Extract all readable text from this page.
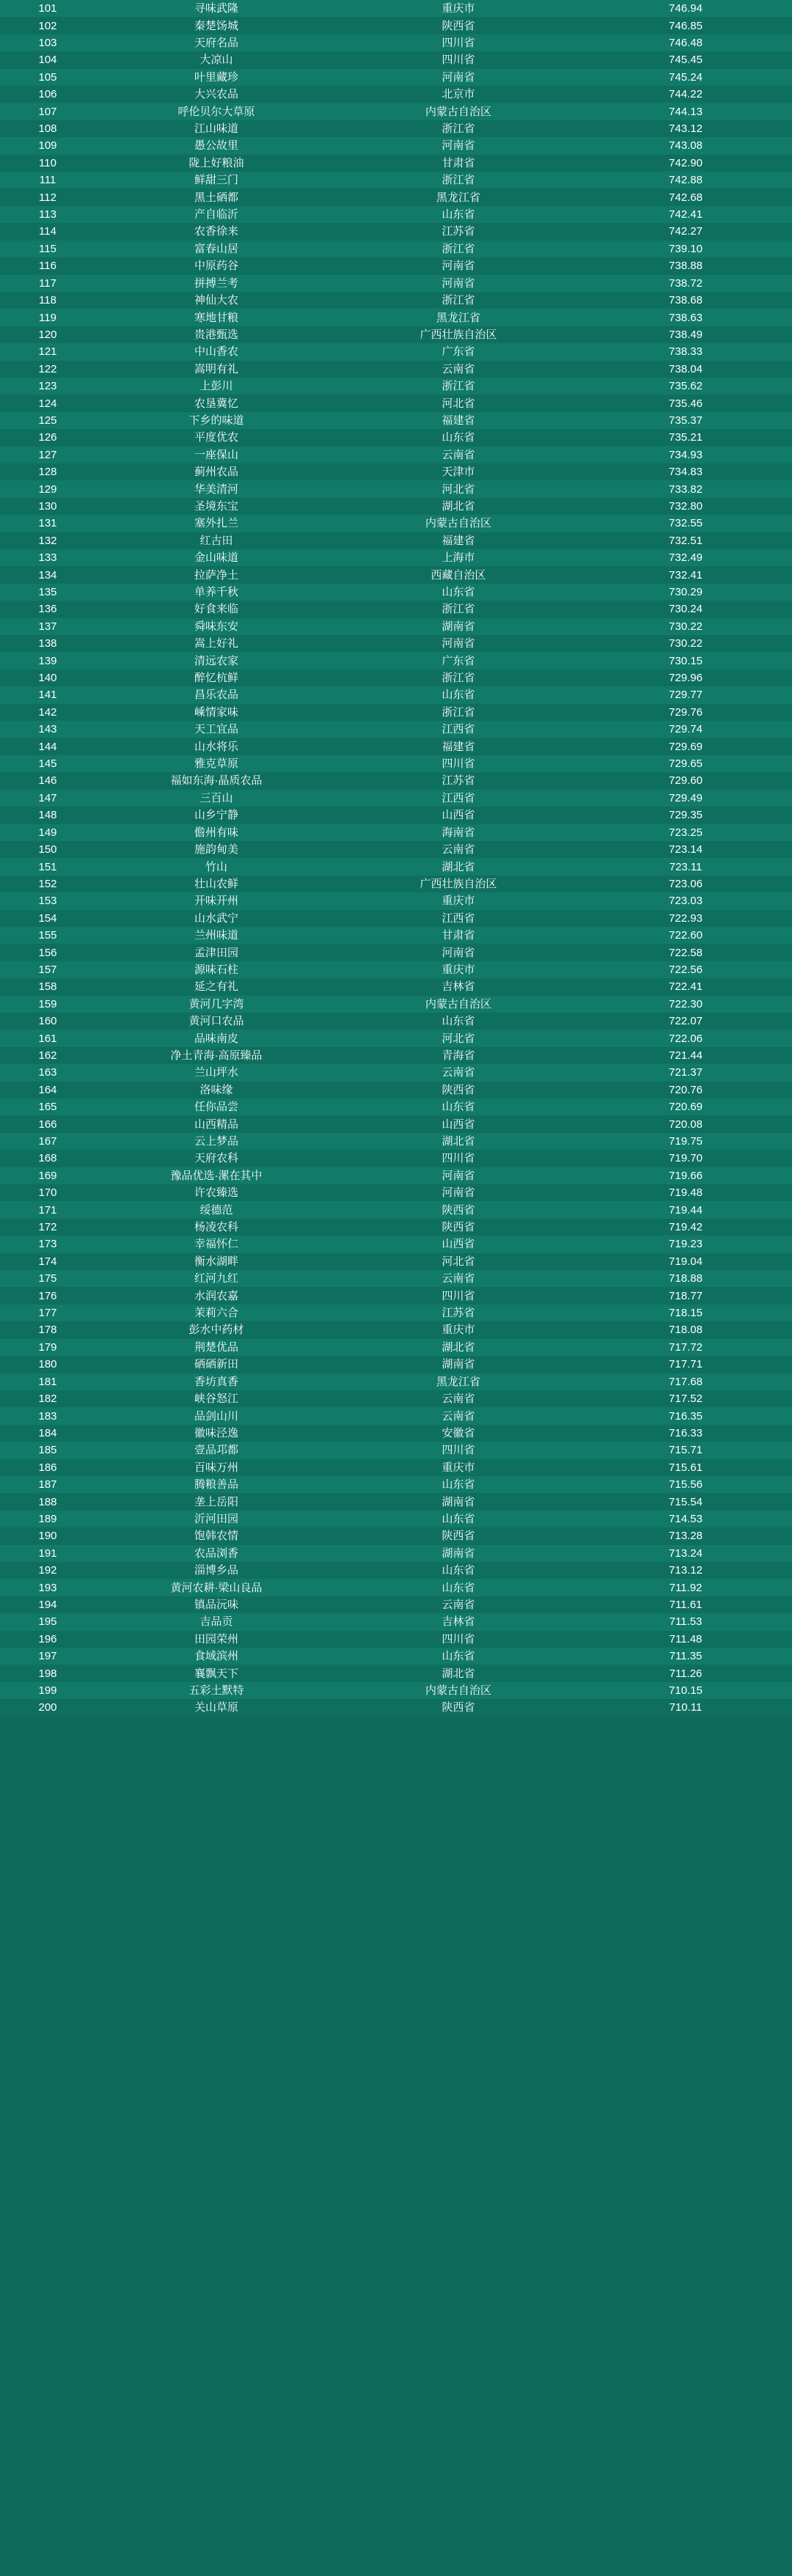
101	寻味武隆	重庆市	746.94
102	秦楚饧城	陕西省	746.85
103	天府名品	四川省	746.48
104	大凉山	四川省	745.45
105	叶里藏珍	河南省	745.24
106	大兴农品	北京市	744.22
107	呼伦贝尔大草原	内蒙古自治区	744.13
108	江山味道	浙江省	743.12
109	愚公故里	河南省	743.08
110	陇上好粮油	甘肃省	742.90
111	鲜甜三门	浙江省	742.88
112	黑土硒都	黑龙江省	742.68
113	产自临沂	山东省	742.41
114	农香徐来	江苏省	742.27
115	富春山居	浙江省	739.10
116	中原药谷	河南省	738.88
117	拼搏兰考	河南省	738.72
118	神仙大农	浙江省	738.68
119	寒地甘粮	黑龙江省	738.63
120	贵港甄选	广西壮族自治区	738.49
121	中山香农	广东省	738.33
122	嵩明有礼	云南省	738.04
123	上彭川	浙江省	735.62
124	农垦冀忆	河北省	735.46
125	下乡的味道	福建省	735.37
126	平度优农	山东省	735.21
127	一座保山	云南省	734.93
128	蓟州农品	天津市	734.83
129	华美清河	河北省	733.82
130	圣境东宝	湖北省	732.80
131	塞外扎兰	内蒙古自治区	732.55
132	红古田	福建省	732.51
133	金山味道	上海市	732.49
134	拉萨净土	西藏自治区	732.41
135	单养千秋	山东省	730.29
136	好食来临	浙江省	730.24
137	舜味东安	湖南省	730.22
138	嵩上好礼	河南省	730.22
139	清远农家	广东省	730.15
140	醉忆杭鲜	浙江省	729.96
141	昌乐农品	山东省	729.77
142	嵊情家味	浙江省	729.76
143	天工宜品	江西省	729.74
144	山水将乐	福建省	729.69
145	雅克草原	四川省	729.65
146	福如东海·晶质农品	江苏省	729.60
147	三百山	江西省	729.49
148	山乡宁静	山西省	729.35
149	儋州有味	海南省	723.25
150	施韵甸美	云南省	723.14
151	竹山	湖北省	723.11
152	壮山农鲜	广西壮族自治区	723.06
153	开味开州	重庆市	723.03
154	山水武宁	江西省	722.93
155	兰州味道	甘肃省	722.60
156	孟津田园	河南省	722.58
157	源味石柱	重庆市	722.56
158	延之有礼	吉林省	722.41
159	黄河几字湾	内蒙古自治区	722.30
160	黄河口农品	山东省	722.07
161	品味南皮	河北省	722.06
162	净土青海·高原臻品	青海省	721.44
163	兰山坪水	云南省	721.37
164	洛味缘	陕西省	720.76
165	任你品尝	山东省	720.69
166	山西精品	山西省	720.08
167	云上梦品	湖北省	719.75
168	天府农科	四川省	719.70
169	豫品优选·漯在其中	河南省	719.66
170	许农臻选	河南省	719.48
171	绥德范	陕西省	719.44
172	杨凌农科	陕西省	719.42
173	幸福怀仁	山西省	719.23
174	衡水湖畔	河北省	719.04
175	红河九红	云南省	718.88
176	水润农嘉	四川省	718.77
177	茉莉六合	江苏省	718.15
178	彭水中药材	重庆市	718.08
179	荆楚优品	湖北省	717.72
180	硒硒新田	湖南省	717.71
181	香坊真香	黑龙江省	717.68
182	峡谷怒江	云南省	717.52
183	品剑山川	云南省	716.35
184	徽味泾逸	安徽省	716.33
185	壹品邛都	四川省	715.71
186	百味万州	重庆市	715.61
187	腾粮善品	山东省	715.56
188	垄上岳阳	湖南省	715.54
189	沂河田园	山东省	714.53
190	饱韩农情	陕西省	713.28
191	农品浏香	湖南省	713.24
192	淄博乡品	山东省	713.12
193	黄河农耕·梁山良品	山东省	711.92
194	镇品沅味	云南省	711.61
195	吉品贡	吉林省	711.53
196	田园荣州	四川省	711.48
197	食域滨州	山东省	711.35
198	襄飘天下	湖北省	711.26
199	五彩土默特	内蒙古自治区	710.15
200	关山草原	陕西省	710.11
